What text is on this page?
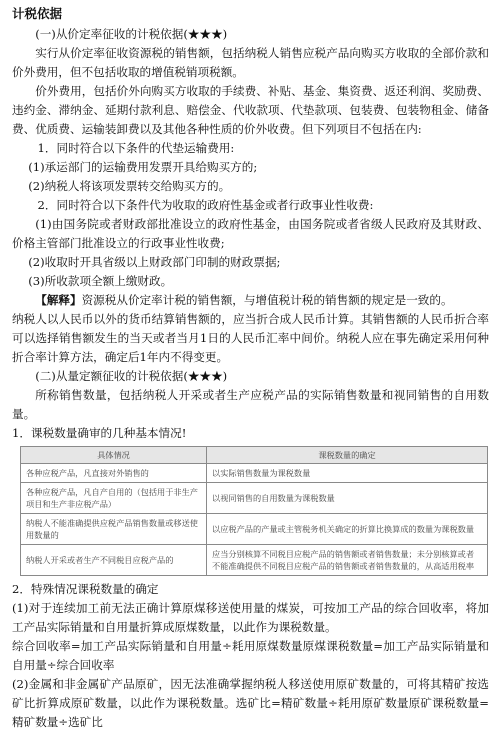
计税依据

(一)从价定率征收的计税依据(★★★)

实行从价定率征收资源税的销售额，包括纳税人销售应税产品向购买方收取的全部价款和价外费用，但不包括收取的增值税销项税额。

价外费用，包括价外向购买方收取的手续费、补贴、基金、集资费、返还利润、奖励费、违约金、滞纳金、延期付款利息、赔偿金、代收款项、代垫款项、包装费、包装物租金、储备费、优质费、运输装卸费以及其他各种性质的价外收费。但下列项目不包括在内:

1．同时符合以下条件的代垫运输费用:

(1)承运部门的运输费用发票开具给购买方的;

(2)纳税人将该项发票转交给购买方的。

2．同时符合以下条件代为收取的政府性基金或者行政事业性收费:

(1)由国务院或者财政部批准设立的政府性基金，由国务院或者省级人民政府及其财政、价格主管部门批准设立的行政事业性收费;

(2)收取时开具省级以上财政部门印制的财政票据;

(3)所收款项全额上缴财政。

【解释】资源税从价定率计税的销售额，与增值税计税的销售额的规定是一致的。

纳税人以人民币以外的货币结算销售额的，应当折合成人民币计算。其销售额的人民币折合率可以选择销售额发生的当天或者当月1日的人民币汇率中间价。纳税人应在事先确定采用何种折合率计算方法，确定后1年内不得变更。

(二)从量定额征收的计税依据(★★★)

所称销售数量，包括纳税人开采或者生产应税产品的实际销售数量和视同销售的自用数量。

1．课税数量确审的几种基本情况!

具体情况	课税数量的确定
各种应税产品，凡直接对外销售的	以实际销售数量为课税数量
各种应税产品，凡自产自用的（包括用于非生产项目和生产非应税产品）	以视同销售的自用数量为课税数量
纳税人不能准确提供应税产品销售数量或移送使用数量的	以应税产品的产量或主管税务机关确定的折算比换算成的数量为课税数量
纳税人开采或者生产不同税目应税产品的	应当分别核算不同税目应税产品的销售额或者销售数量；未分别核算或者不能准确提供不同税目应税产品的销售额或者销售数量的，从高适用税率

2．特殊情况课税数量的确定

(1)对于连续加工前无法正确计算原煤移送使用量的煤炭，可按加工产品的综合回收率，将加工产品实际销量和自用量折算成原煤数量，以此作为课税数量。

综合回收率=加工产品实际销量和自用量÷耗用原煤数量原煤课税数量=加工产品实际销量和自用量÷综合回收率

(2)金属和非金属矿产品原矿，因无法准确掌握纳税人移送使用原矿数量的，可将其精矿按选矿比折算成原矿数量，以此作为课税数量。选矿比=精矿数量÷耗用原矿数量原矿课税数量=精矿数量÷选矿比
